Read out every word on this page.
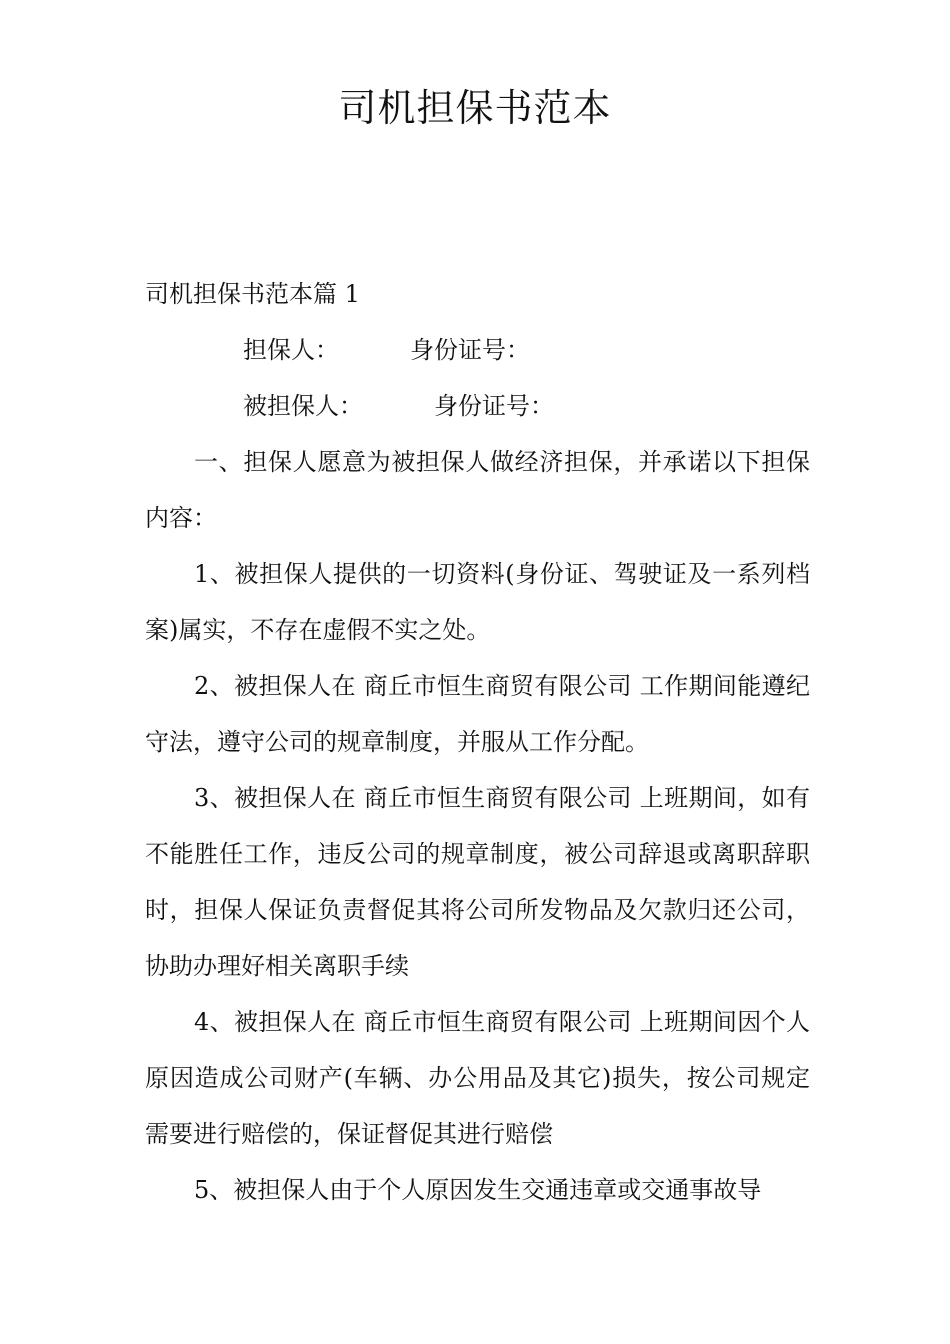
司机担保书范本

司机担保书范本篇 1

担保人：	身份证号：

被担保人：	身份证号：

一、担保人愿意为被担保人做经济担保，并承诺以下担保内容：

1、被担保人提供的一切资料(身份证、驾驶证及一系列档案)属实，不存在虚假不实之处。

2、被担保人在 商丘市恒生商贸有限公司 工作期间能遵纪守法，遵守公司的规章制度，并服从工作分配。

3、被担保人在 商丘市恒生商贸有限公司 上班期间，如有不能胜任工作，违反公司的规章制度，被公司辞退或离职辞职时，担保人保证负责督促其将公司所发物品及欠款归还公司，协助办理好相关离职手续

4、被担保人在 商丘市恒生商贸有限公司 上班期间因个人原因造成公司财产(车辆、办公用品及其它)损失，按公司规定需要进行赔偿的，保证督促其进行赔偿

5、被担保人由于个人原因发生交通违章或交通事故导
